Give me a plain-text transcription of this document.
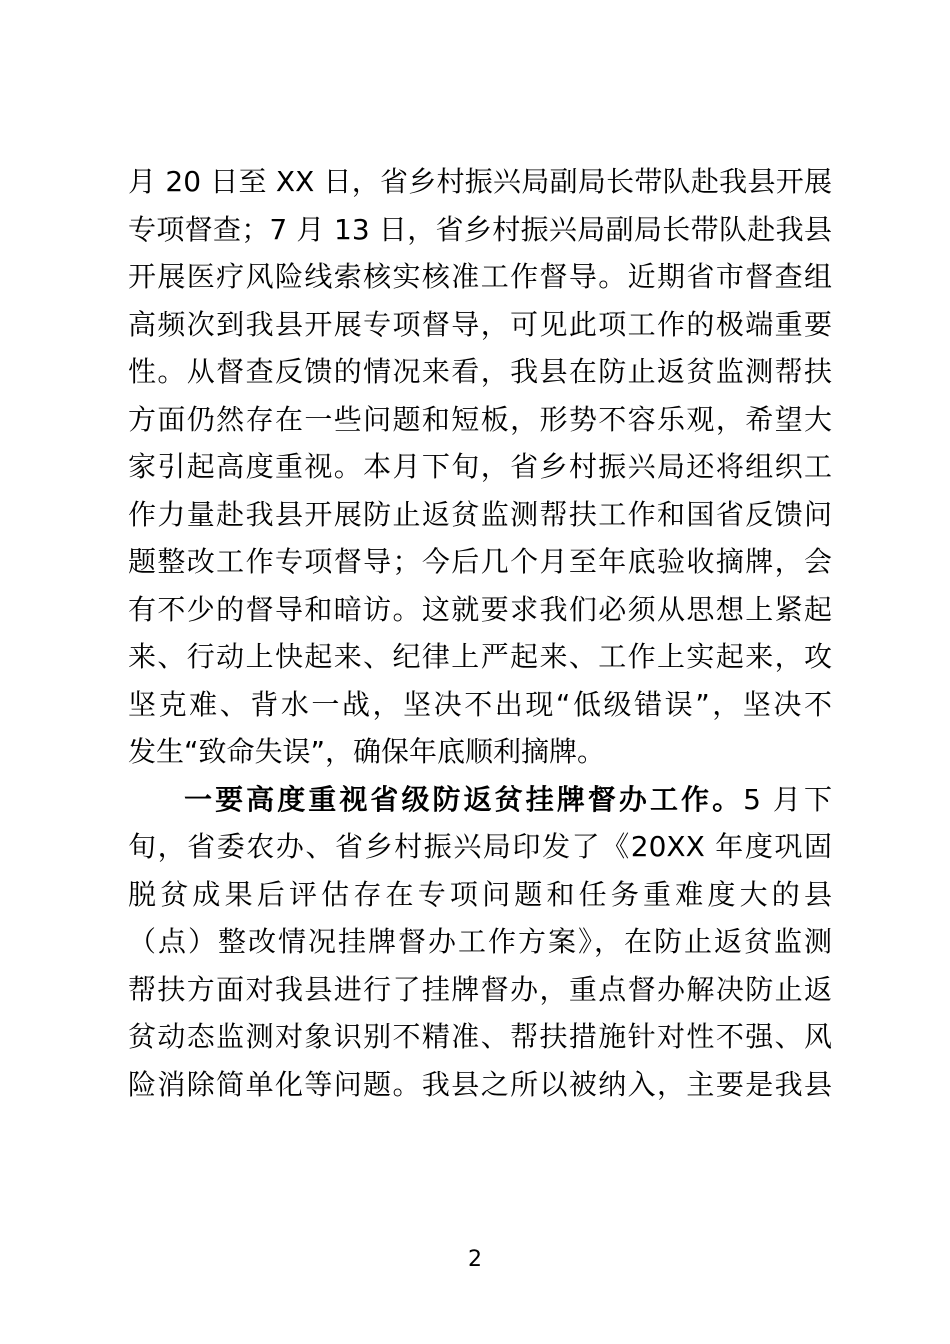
月 20 日至 XX 日，省乡村振兴局副局长带队赴我县开展
专项督查；7 月 13 日，省乡村振兴局副局长带队赴我县
开展医疗风险线索核实核准工作督导。近期省市督查组
高频次到我县开展专项督导，可见此项工作的极端重要
性。从督查反馈的情况来看，我县在防止返贫监测帮扶
方面仍然存在一些问题和短板，形势不容乐观，希望大
家引起高度重视。本月下旬，省乡村振兴局还将组织工
作力量赴我县开展防止返贫监测帮扶工作和国省反馈问
题整改工作专项督导；今后几个月至年底验收摘牌，会
有不少的督导和暗访。这就要求我们必须从思想上紧起
来、行动上快起来、纪律上严起来、工作上实起来，攻
坚克难、背水一战，坚决不出现“低级错误”，坚决不
发生“致命失误”，确保年底顺利摘牌。
一要高度重视省级防返贫挂牌督办工作。5 月下
旬，省委农办、省乡村振兴局印发了《20XX 年度巩固
脱贫成果后评估存在专项问题和任务重难度大的县
（点）整改情况挂牌督办工作方案》，在防止返贫监测
帮扶方面对我县进行了挂牌督办，重点督办解决防止返
贫动态监测对象识别不精准、帮扶措施针对性不强、风
险消除简单化等问题。我县之所以被纳入，主要是我县
2
